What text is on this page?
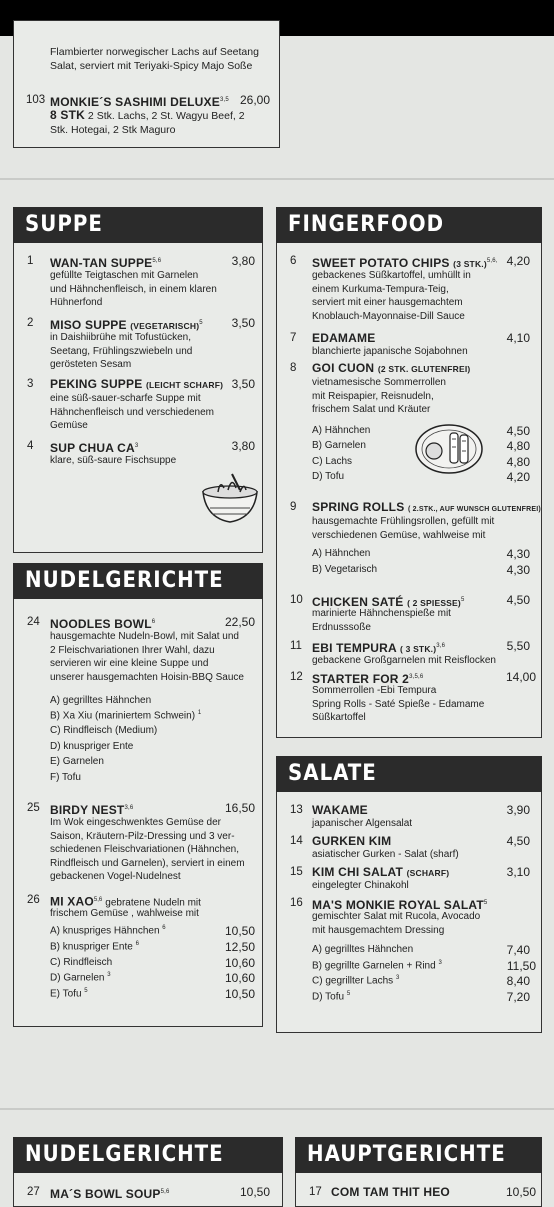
Flambierter norwegischer Lachs auf Seetang Salat, serviert mit Teriyaki-Spicy Majo Soße
103 MONKIE´S SASHIMI DELUXE$^{3,5}$ 26,00
8 STK 2 Stk. Lachs, 2 St. Wagyu Beef, 2
Stk. Hotegai, 2 Stk Maguro
SUPPE
1 WAN-TAN SUPPE$^{5,6}$	3,80
gefüllte Teigtaschen mit Garnelen
und Hähnchenfleisch, in einem klaren
Hühnerfond
2 MISO SUPPE (VEGETARISCH)$^5$	3,50
in Daishiibrühe mit Tofustücken,
Seetang, Frühlingszwiebeln und
gerösteten Sesam
3 PEKING SUPPE (LEICHT SCHARF) 3,50
eine süß-sauer-scharfe Suppe mit
Hähnchenfleisch und verschiedenem
Gemüse
4 SUP CHUA $CA^3$	3,80
klare, süß-saure Fischsuppe
NUDELGERICHTE
24 NOODLES BOWL$^6$	22,50
hausgemachte Nudeln-Bowl, mit Salat und
2 Fleischvariationen Ihrer Wahl, dazu
servieren wir eine kleine Suppe und
unserer hausgemachten Hoisin-BBQ Sauce
A) gegrilltes Hähnchen
B) Xa Xiu (mariniertem Schwein) $^1$
C) Rindfleisch (Medium)
D) knuspriger Ente
E) Garnelen
F) Tofu
25 BIRDY NEST$^{3,6}$	16,50
Im Wok eingeschwenktes Gemüse der
Saison, Kräutern-Pilz-Dressing und 3 ver-
schiedenen Fleischvariationen (Hähnchen,
Rindfleisch und Garnelen), serviert in einem
gebackenen Vogel-Nudelnest
26 MI XAO$^{5,6}$ gebratene Nudeln mit
frischem Gemüse , wahlweise mit
A) knuspriges Hähnchen $^6$	10,50
B) knuspriger Ente $^6$	12,50
C) Rindfleisch	10,60
D) Garnelen $^3$	10,60
E) Tofu $^5$	10,50
FINGERFOOD
6 SWEET POTATO CHIPS (3 STK.)$^{5,6,}$ 4,20
gebackenes Süßkartoffel, umhüllt in
einem Kurkuma-Tempura-Teig,
serviert mit einer hausgemachtem
Knoblauch-Mayonnaise-Dill Sauce
7 EDAMAME	4,10
blanchierte japanische Sojabohnen
8 GOI CUON (2 STK. GLUTENFREI)
vietnamesische Sommerrollen
mit Reispapier, Reisnudeln,
frischem Salat und Kräuter
A) Hähnchen	4,50
B) Garnelen	4,80
C) Lachs	4,80
D) Tofu	4,20
9 SPRING ROLLS ( 2.STK., AUF WUNSCH GLUTENFREI)
hausgemachte Frühlingsrollen, gefüllt mit
verschiedenen Gemüse, wahlweise mit
A) Hähnchen	4,30
B) Vegetarisch	4,30
10 CHICKEN SATÉ ( 2 SPIESSE)$^5$	4,50
marinierte Hähnchenspieße mit
Erdnusssoße
11 EBI TEMPURA ( 3 STK.)$^{3,6}$	5,50
gebackene Großgarnelen mit Reisflocken
12 STARTER FOR 2$^{3,5,6}$	14,00
Sommerrollen -Ebi Tempura
Spring Rolls - Saté Spieße - Edamame
Süßkartoffel
SALATE
13 WAKAME	3,90
japanischer Algensalat
14 GURKEN KIM	4,50
asiatischer Gurken - Salat (sharf)
15 KIM CHI SALAT (SCHARF)	3,10
eingelegter Chinakohl
16 MA'S MONKIE ROYAL SALAT$^5$
gemischter Salat mit Rucola, Avocado
mit hausgemachtem Dressing
A) gegrilltes Hähnchen	7,40
B) gegrillte Garnelen + Rind $^3$	11,50
C) gegrillter Lachs $^3$	8,40
D) Tofu $^5$	7,20
NUDELGERICHTE
27 MA´S BOWL SOUP$^{5,6}$	10,50
HAUPTGERICHTE
17 COM TAM THIT HEO	10,50
